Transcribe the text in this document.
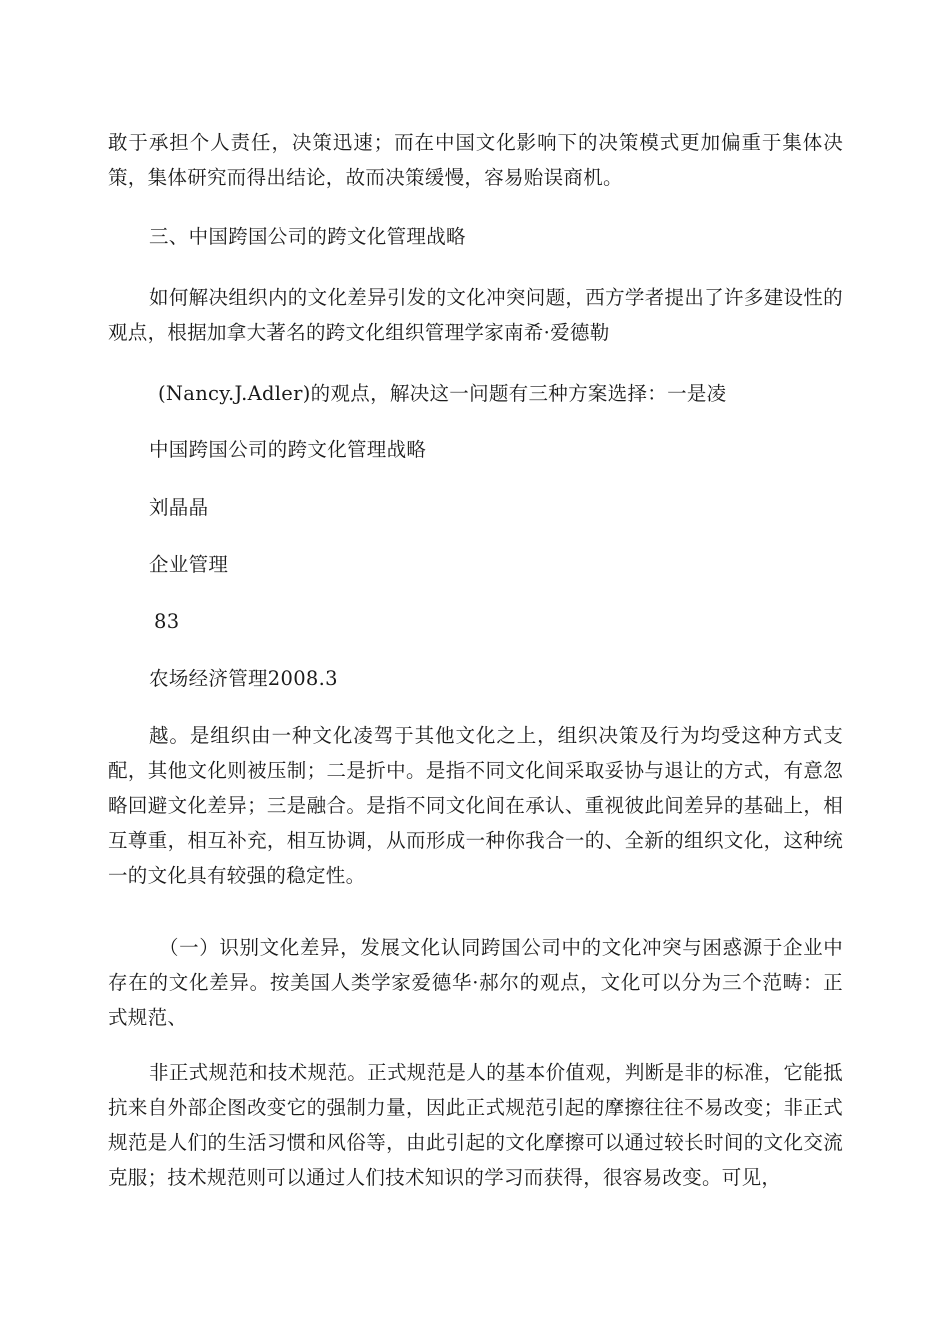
敢于承担个人责任，决策迅速；而在中国文化影响下的决策模式更加偏重于集体决策，集体研究而得出结论，故而决策缓慢，容易贻误商机。

三、中国跨国公司的跨文化管理战略

如何解决组织内的文化差异引发的文化冲突问题，西方学者提出了许多建设性的观点，根据加拿大著名的跨文化组织管理学家南希·爱德勒

(Nancy.J.Adler)的观点，解决这一问题有三种方案选择：一是凌

中国跨国公司的跨文化管理战略

刘晶晶

企业管理

83

农场经济管理2008.3

越。是组织由一种文化凌驾于其他文化之上，组织决策及行为均受这种方式支配，其他文化则被压制；二是折中。是指不同文化间采取妥协与退让的方式，有意忽略回避文化差异；三是融合。是指不同文化间在承认、重视彼此间差异的基础上，相互尊重，相互补充，相互协调，从而形成一种你我合一的、全新的组织文化，这种统一的文化具有较强的稳定性。

（一）识别文化差异，发展文化认同跨国公司中的文化冲突与困惑源于企业中存在的文化差异。按美国人类学家爱德华·郝尔的观点，文化可以分为三个范畴：正式规范、

非正式规范和技术规范。正式规范是人的基本价值观，判断是非的标准，它能抵抗来自外部企图改变它的强制力量，因此正式规范引起的摩擦往往不易改变；非正式规范是人们的生活习惯和风俗等，由此引起的文化摩擦可以通过较长时间的文化交流克服；技术规范则可以通过人们技术知识的学习而获得，很容易改变。可见，
